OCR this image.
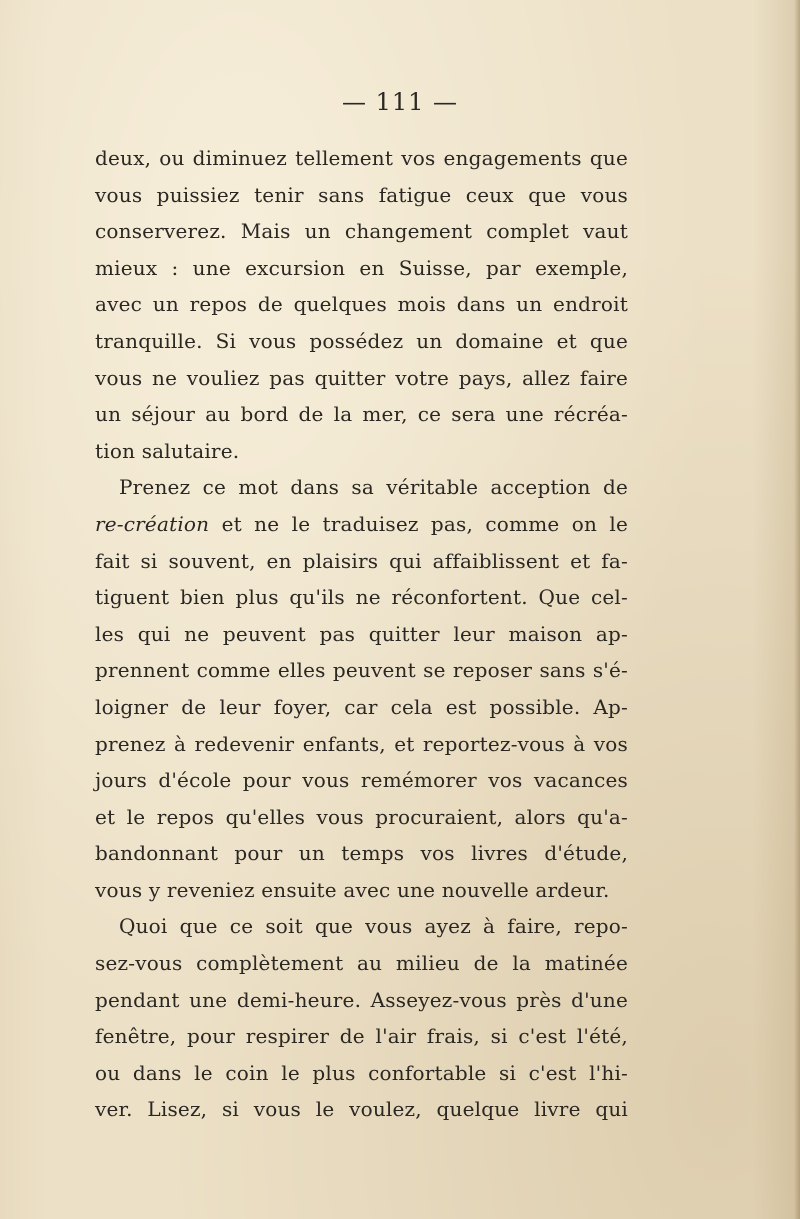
— 111 —
deux, ou diminuez tellement vos engagements que
vous puissiez tenir sans fatigue ceux que vous
conserverez. Mais un changement complet vaut
mieux : une excursion en Suisse, par exemple,
avec un repos de quelques mois dans un endroit
tranquille. Si vous possédez un domaine et que
vous ne vouliez pas quitter votre pays, allez faire
un séjour au bord de la mer, ce sera une récréa-
tion salutaire.
Prenez ce mot dans sa véritable acception de
re-création et ne le traduisez pas, comme on le
fait si souvent, en plaisirs qui affaiblissent et fa-
tiguent bien plus qu'ils ne réconfortent. Que cel-
les qui ne peuvent pas quitter leur maison ap-
prennent comme elles peuvent se reposer sans s'é-
loigner de leur foyer, car cela est possible. Ap-
prenez à redevenir enfants, et reportez-vous à vos
jours d'école pour vous remémorer vos vacances
et le repos qu'elles vous procuraient, alors qu'a-
bandonnant pour un temps vos livres d'étude,
vous y reveniez ensuite avec une nouvelle ardeur.
Quoi que ce soit que vous ayez à faire, repo-
sez-vous complètement au milieu de la matinée
pendant une demi-heure. Asseyez-vous près d'une
fenêtre, pour respirer de l'air frais, si c'est l'été,
ou dans le coin le plus confortable si c'est l'hi-
ver. Lisez, si vous le voulez, quelque livre qui
